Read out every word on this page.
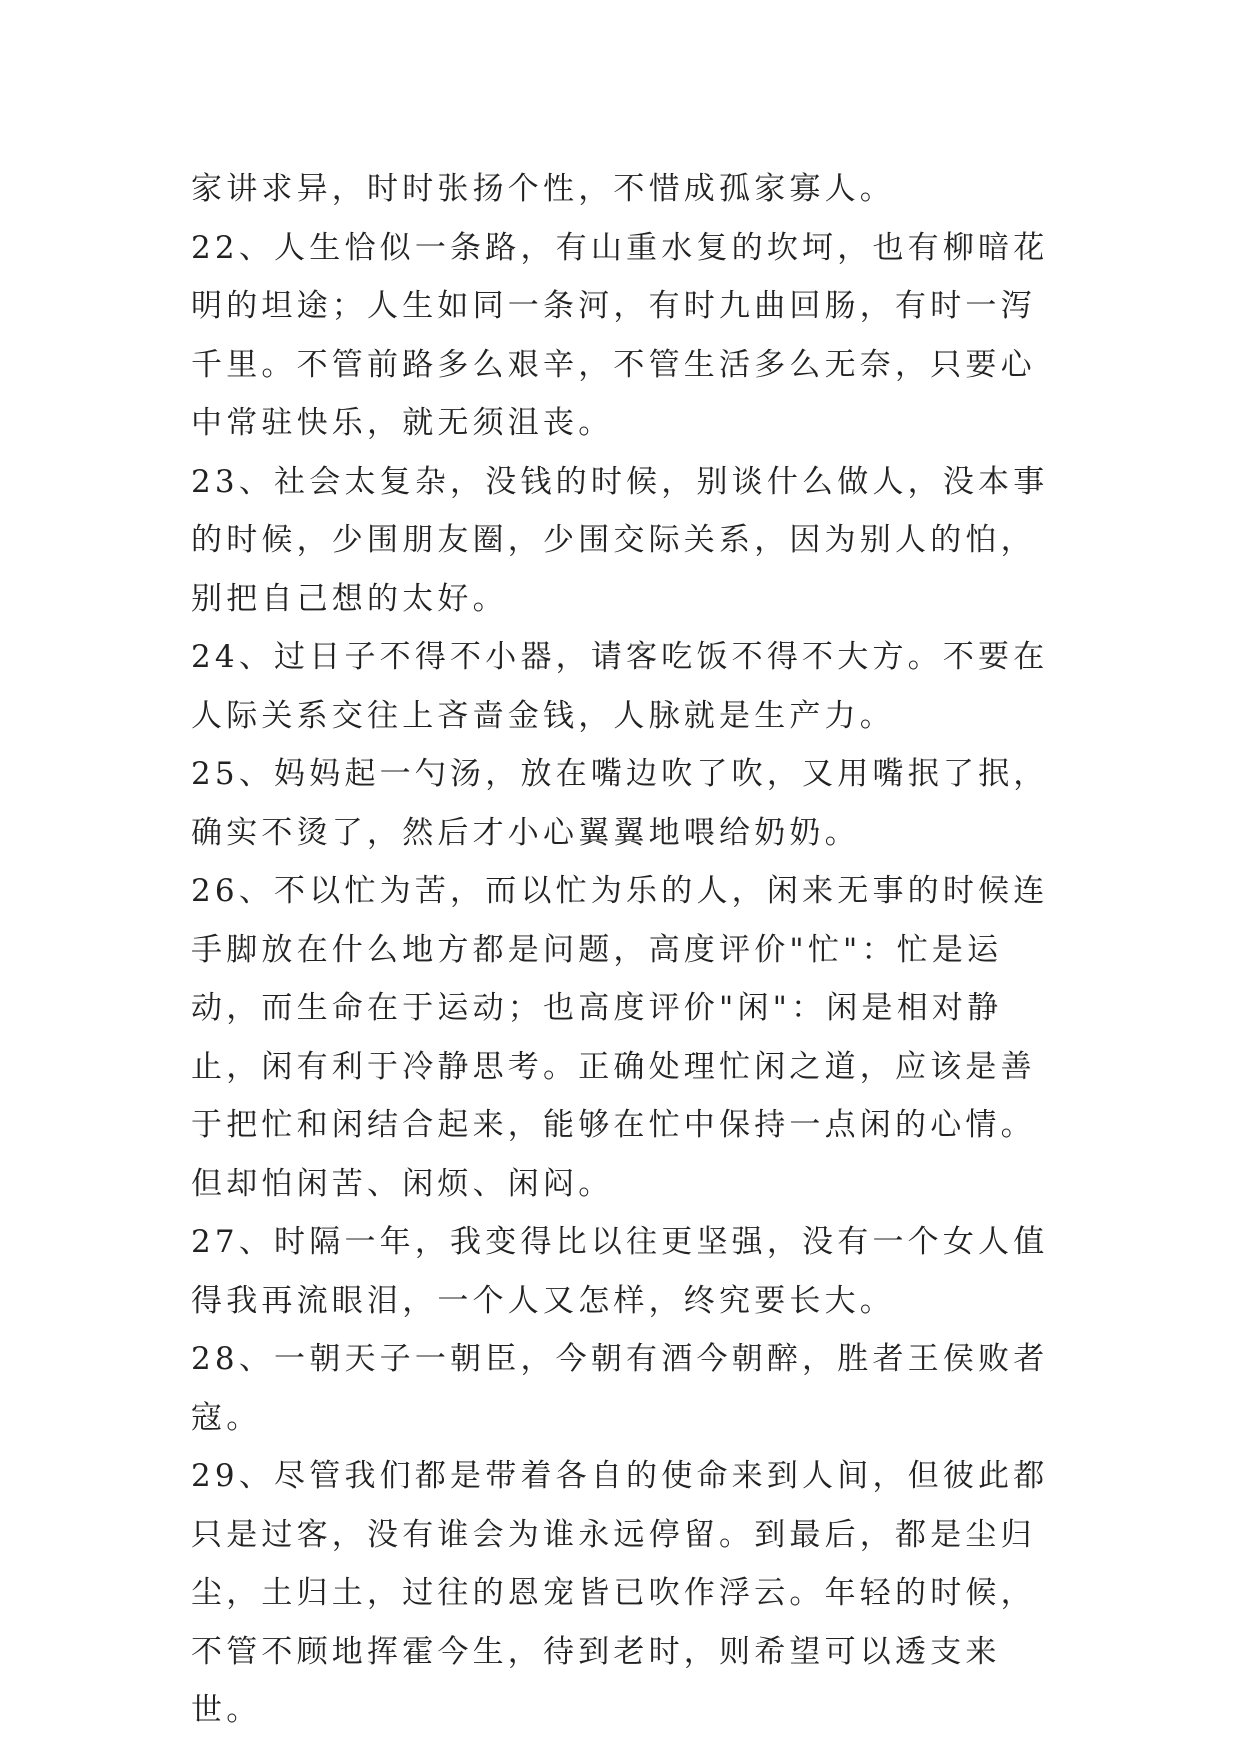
家讲求异，时时张扬个性，不惜成孤家寡人。

22、人生恰似一条路，有山重水复的坎坷，也有柳暗花明的坦途；人生如同一条河，有时九曲回肠，有时一泻千里。不管前路多么艰辛，不管生活多么无奈，只要心中常驻快乐，就无须沮丧。

23、社会太复杂，没钱的时候，别谈什么做人，没本事的时候，少围朋友圈，少围交际关系，因为别人的怕，别把自己想的太好。

24、过日子不得不小器，请客吃饭不得不大方。不要在人际关系交往上吝啬金钱，人脉就是生产力。

25、妈妈起一勺汤，放在嘴边吹了吹，又用嘴抿了抿，确实不烫了，然后才小心翼翼地喂给奶奶。

26、不以忙为苦，而以忙为乐的人，闲来无事的时候连手脚放在什么地方都是问题，高度评价"忙"：忙是运动，而生命在于运动；也高度评价"闲"：闲是相对静止，闲有利于冷静思考。正确处理忙闲之道，应该是善于把忙和闲结合起来，能够在忙中保持一点闲的心情。但却怕闲苦、闲烦、闲闷。

27、时隔一年，我变得比以往更坚强，没有一个女人值得我再流眼泪，一个人又怎样，终究要长大。

28、一朝天子一朝臣，今朝有酒今朝醉，胜者王侯败者寇。

29、尽管我们都是带着各自的使命来到人间，但彼此都只是过客，没有谁会为谁永远停留。到最后，都是尘归尘，土归土，过往的恩宠皆已吹作浮云。年轻的时候，不管不顾地挥霍今生，待到老时，则希望可以透支来世。
